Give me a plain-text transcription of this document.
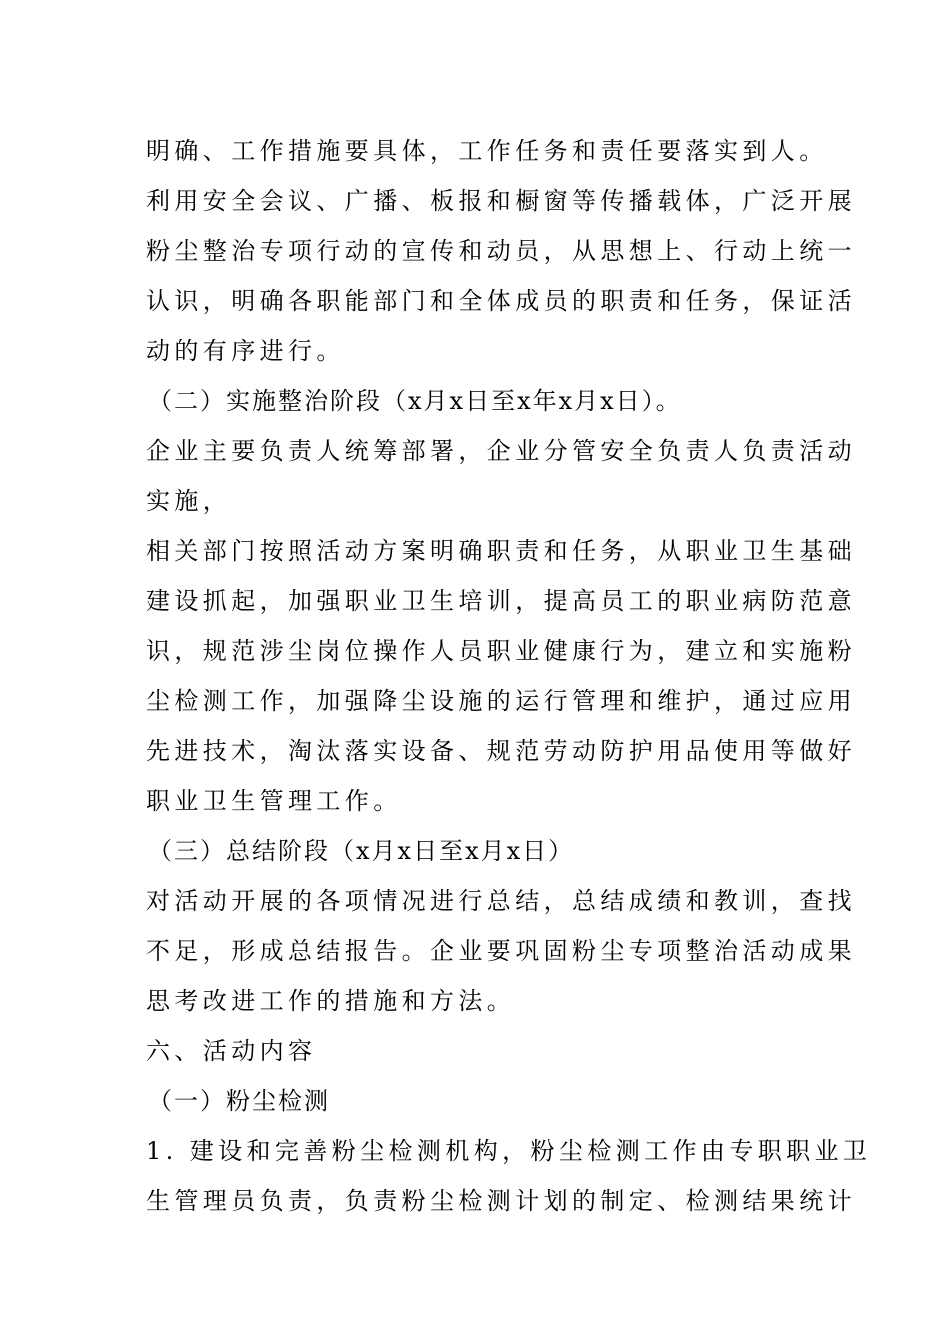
明确、工作措施要具体，工作任务和责任要落实到人。
利用安全会议、广播、板报和橱窗等传播载体，广泛开展
粉尘整治专项行动的宣传和动员，从思想上、行动上统一
认识，明确各职能部门和全体成员的职责和任务，保证活
动的有序进行。
（二）实施整治阶段（x月x日至x年x月x日）。
企业主要负责人统筹部署，企业分管安全负责人负责活动
实施，
相关部门按照活动方案明确职责和任务，从职业卫生基础
建设抓起，加强职业卫生培训，提高员工的职业病防范意
识，规范涉尘岗位操作人员职业健康行为，建立和实施粉
尘检测工作，加强降尘设施的运行管理和维护，通过应用
先进技术，淘汰落实设备、规范劳动防护用品使用等做好
职业卫生管理工作。
（三）总结阶段（x月x日至x月x日）
对活动开展的各项情况进行总结，总结成绩和教训，查找
不足，形成总结报告。企业要巩固粉尘专项整治活动成果
思考改进工作的措施和方法。
六、活动内容
（一）粉尘检测
1. 建设和完善粉尘检测机构，粉尘检测工作由专职职业卫
生管理员负责，负责粉尘检测计划的制定、检测结果统计
